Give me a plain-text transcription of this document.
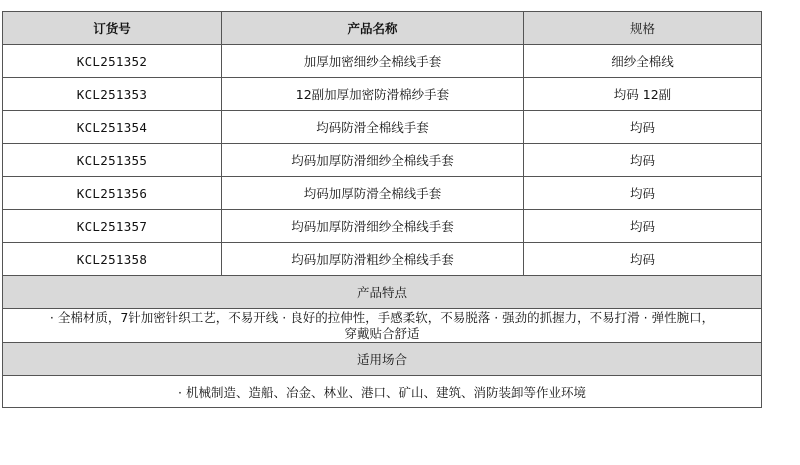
订货号	产品名称	规格
KCL251352	加厚加密细纱全棉线手套	细纱全棉线
KCL251353	12副加厚加密防滑棉纱手套	均码 12副
KCL251354	均码防滑全棉线手套	均码
KCL251355	均码加厚防滑细纱全棉线手套	均码
KCL251356	均码加厚防滑全棉线手套	均码
KCL251357	均码加厚防滑细纱全棉线手套	均码
KCL251358	均码加厚防滑粗纱全棉线手套	均码
产品特点		

· 全棉材质，7针加密针织工艺，不易开线 · 良好的拉伸性，手感柔软，不易脱落 · 强劲的抓握力，不易打滑 · 弹性腕口，
穿戴贴合舒适		

适用场合		
· 机械制造、造船、冶金、林业、港口、矿山、建筑、消防装卸等作业环境		
